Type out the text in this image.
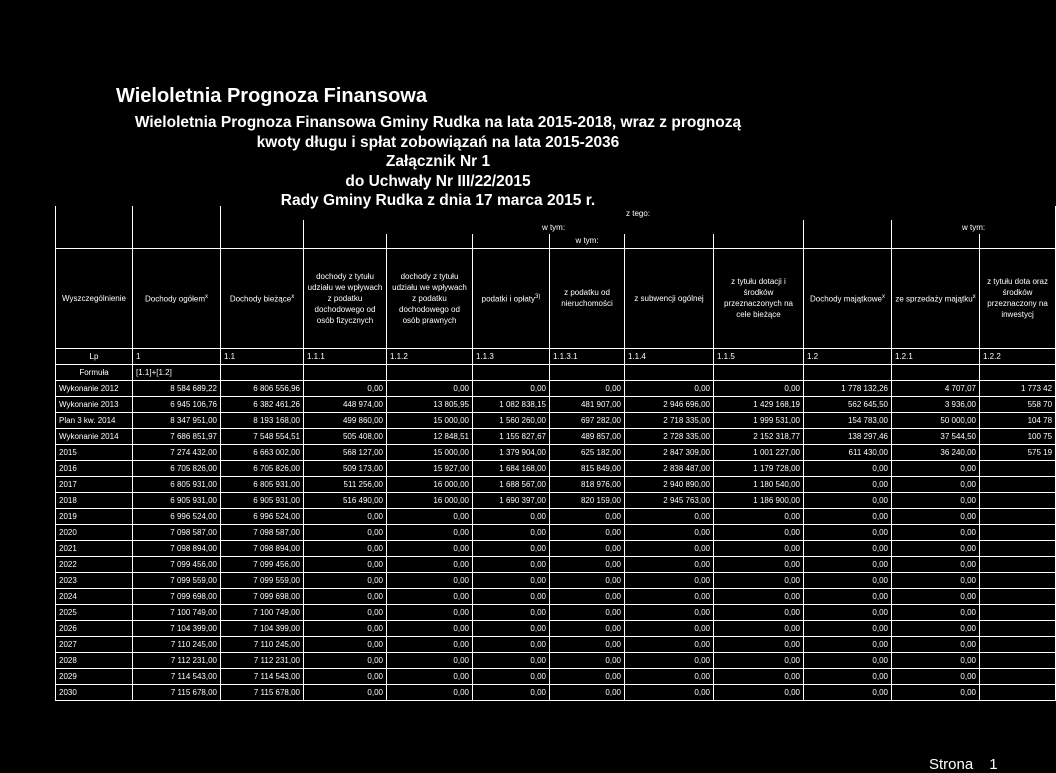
Wieloletnia Prognoza Finansowa
Wieloletnia Prognoza Finansowa Gminy Rudka na lata 2015-2018, wraz z prognozą
kwoty długu i spłat zobowiązań na lata 2015-2036
Załącznik Nr 1
do Uchwały Nr III/22/2015
Rady Gminy Rudka z dnia 17 marca 2015 r.
		z tego:									
			w tym:							w tym:	
						w tym:					
Wyszczególnienie	Dochody ogółem$^x$	Dochody bieżące$^x$	dochody z tytułu udziału we wpływach z podatku dochodowego od osób fizycznych	dochody z tytułu udziału we wpływach z podatku dochodowego od osób prawnych	podatki i opłaty$^{3)}$	z podatku od nieruchomości	z subwencji ogólnej	z tytułu dotacji i środków przeznaczonych na cele bieżące	Dochody majątkowe$^x$	ze sprzedaży majątku$^x$	z tytułu dota oraz środków przeznaczony na inwestycj
Lp	1	1.1	1.1.1	1.1.2	1.1.3	1.1.3.1	1.1.4	1.1.5	1.2	1.2.1	1.2.2
Formuła	[1.1]+[1.2]										
Wykonanie 2012	8 584 689,22	6 806 556,96	0,00	0,00	0,00	0,00	0,00	0,00	1 778 132,26	4 707,07	1 773 42
Wykonanie 2013	6 945 106,76	6 382 461,26	448 974,00	13 805,95	1 082 838,15	481 907,00	2 946 696,00	1 429 168,19	562 645,50	3 936,00	558 70
Plan 3 kw. 2014	8 347 951,00	8 193 168,00	499 860,00	15 000,00	1 560 260,00	697 282,00	2 718 335,00	1 999 531,00	154 783,00	50 000,00	104 78
Wykonanie 2014	7 686 851,97	7 548 554,51	505 408,00	12 848,51	1 155 827,67	489 857,00	2 728 335,00	2 152 318,77	138 297,46	37 544,50	100 75
2015	7 274 432,00	6 663 002,00	568 127,00	15 000,00	1 379 904,00	625 182,00	2 847 309,00	1 001 227,00	611 430,00	36 240,00	575 19
2016	6 705 826,00	6 705 826,00	509 173,00	15 927,00	1 684 168,00	815 849,00	2 838 487,00	1 179 728,00	0,00	0,00	
2017	6 805 931,00	6 805 931,00	511 256,00	16 000,00	1 688 567,00	818 976,00	2 940 890,00	1 180 540,00	0,00	0,00	
2018	6 905 931,00	6 905 931,00	516 490,00	16 000,00	1 690 397,00	820 159,00	2 945 763,00	1 186 900,00	0,00	0,00	
2019	6 996 524,00	6 996 524,00	0,00	0,00	0,00	0,00	0,00	0,00	0,00	0,00	
2020	7 098 587,00	7 098 587,00	0,00	0,00	0,00	0,00	0,00	0,00	0,00	0,00	
2021	7 098 894,00	7 098 894,00	0,00	0,00	0,00	0,00	0,00	0,00	0,00	0,00	
2022	7 099 456,00	7 099 456,00	0,00	0,00	0,00	0,00	0,00	0,00	0,00	0,00	
2023	7 099 559,00	7 099 559,00	0,00	0,00	0,00	0,00	0,00	0,00	0,00	0,00	
2024	7 099 698,00	7 099 698,00	0,00	0,00	0,00	0,00	0,00	0,00	0,00	0,00	
2025	7 100 749,00	7 100 749,00	0,00	0,00	0,00	0,00	0,00	0,00	0,00	0,00	
2026	7 104 399,00	7 104 399,00	0,00	0,00	0,00	0,00	0,00	0,00	0,00	0,00	
2027	7 110 245,00	7 110 245,00	0,00	0,00	0,00	0,00	0,00	0,00	0,00	0,00	
2028	7 112 231,00	7 112 231,00	0,00	0,00	0,00	0,00	0,00	0,00	0,00	0,00	
2029	7 114 543,00	7 114 543,00	0,00	0,00	0,00	0,00	0,00	0,00	0,00	0,00	
2030	7 115 678,00	7 115 678,00	0,00	0,00	0,00	0,00	0,00	0,00	0,00	0,00	
Strona 1
